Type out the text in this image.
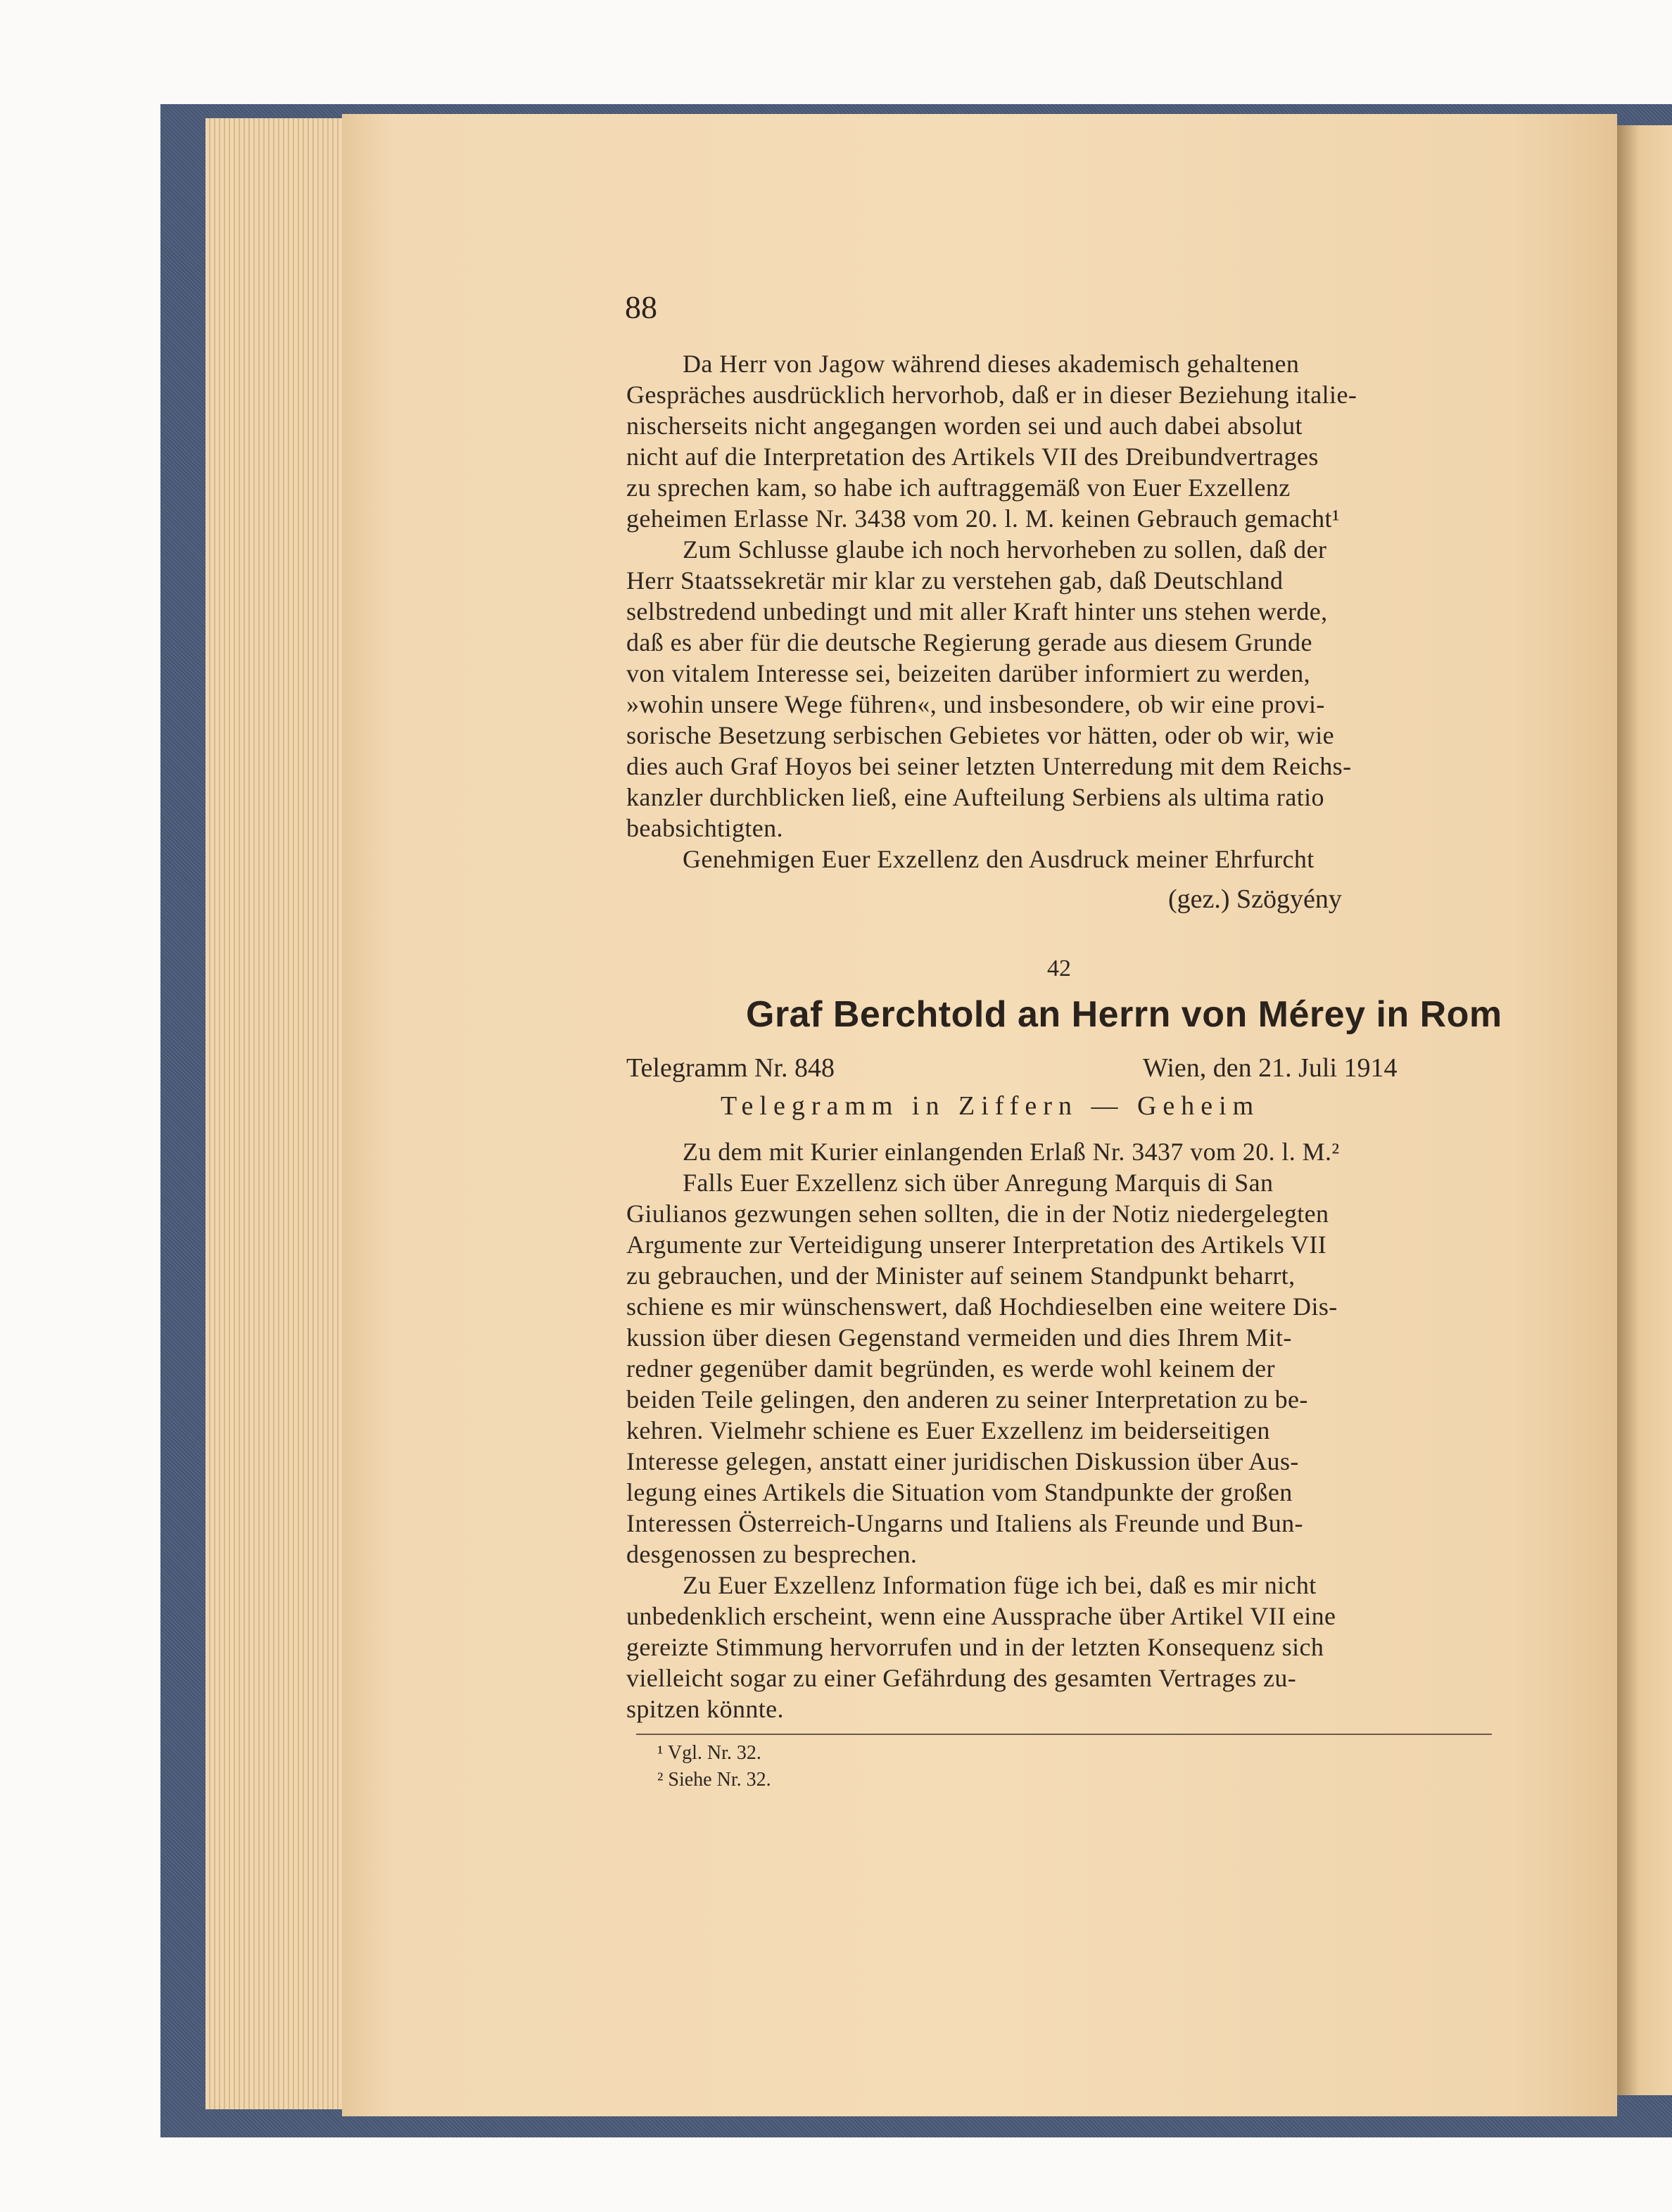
88
Da Herr von Jagow während dieses akademisch gehaltenen
Gespräches ausdrücklich hervorhob, daß er in dieser Beziehung italie-
nischerseits nicht angegangen worden sei und auch dabei absolut
nicht auf die Interpretation des Artikels VII des Dreibundvertrages
zu sprechen kam, so habe ich auftraggemäß von Euer Exzellenz
geheimen Erlasse Nr. 3438 vom 20. l. M. keinen Gebrauch gemacht¹
Zum Schlusse glaube ich noch hervorheben zu sollen, daß der
Herr Staatssekretär mir klar zu verstehen gab, daß Deutschland
selbstredend unbedingt und mit aller Kraft hinter uns stehen werde,
daß es aber für die deutsche Regierung gerade aus diesem Grunde
von vitalem Interesse sei, beizeiten darüber informiert zu werden,
»wohin unsere Wege führen«, und insbesondere, ob wir eine provi-
sorische Besetzung serbischen Gebietes vor hätten, oder ob wir, wie
dies auch Graf Hoyos bei seiner letzten Unterredung mit dem Reichs-
kanzler durchblicken ließ, eine Aufteilung Serbiens als ultima ratio
beabsichtigten.
Genehmigen Euer Exzellenz den Ausdruck meiner Ehrfurcht
(gez.) Szögyény
42
Graf Berchtold an Herrn von Mérey in Rom
Telegramm Nr. 848	Wien, den 21. Juli 1914
Telegramm in Ziffern — Geheim
Zu dem mit Kurier einlangenden Erlaß Nr. 3437 vom 20. l. M.²
Falls Euer Exzellenz sich über Anregung Marquis di San
Giulianos gezwungen sehen sollten, die in der Notiz niedergelegten
Argumente zur Verteidigung unserer Interpretation des Artikels VII
zu gebrauchen, und der Minister auf seinem Standpunkt beharrt,
schiene es mir wünschenswert, daß Hochdieselben eine weitere Dis-
kussion über diesen Gegenstand vermeiden und dies Ihrem Mit-
redner gegenüber damit begründen, es werde wohl keinem der
beiden Teile gelingen, den anderen zu seiner Interpretation zu be-
kehren. Vielmehr schiene es Euer Exzellenz im beiderseitigen
Interesse gelegen, anstatt einer juridischen Diskussion über Aus-
legung eines Artikels die Situation vom Standpunkte der großen
Interessen Österreich-Ungarns und Italiens als Freunde und Bun-
desgenossen zu besprechen.
Zu Euer Exzellenz Information füge ich bei, daß es mir nicht
unbedenklich erscheint, wenn eine Aussprache über Artikel VII eine
gereizte Stimmung hervorrufen und in der letzten Konsequenz sich
vielleicht sogar zu einer Gefährdung des gesamten Vertrages zu-
spitzen könnte.
¹ Vgl. Nr. 32.
² Siehe Nr. 32.
